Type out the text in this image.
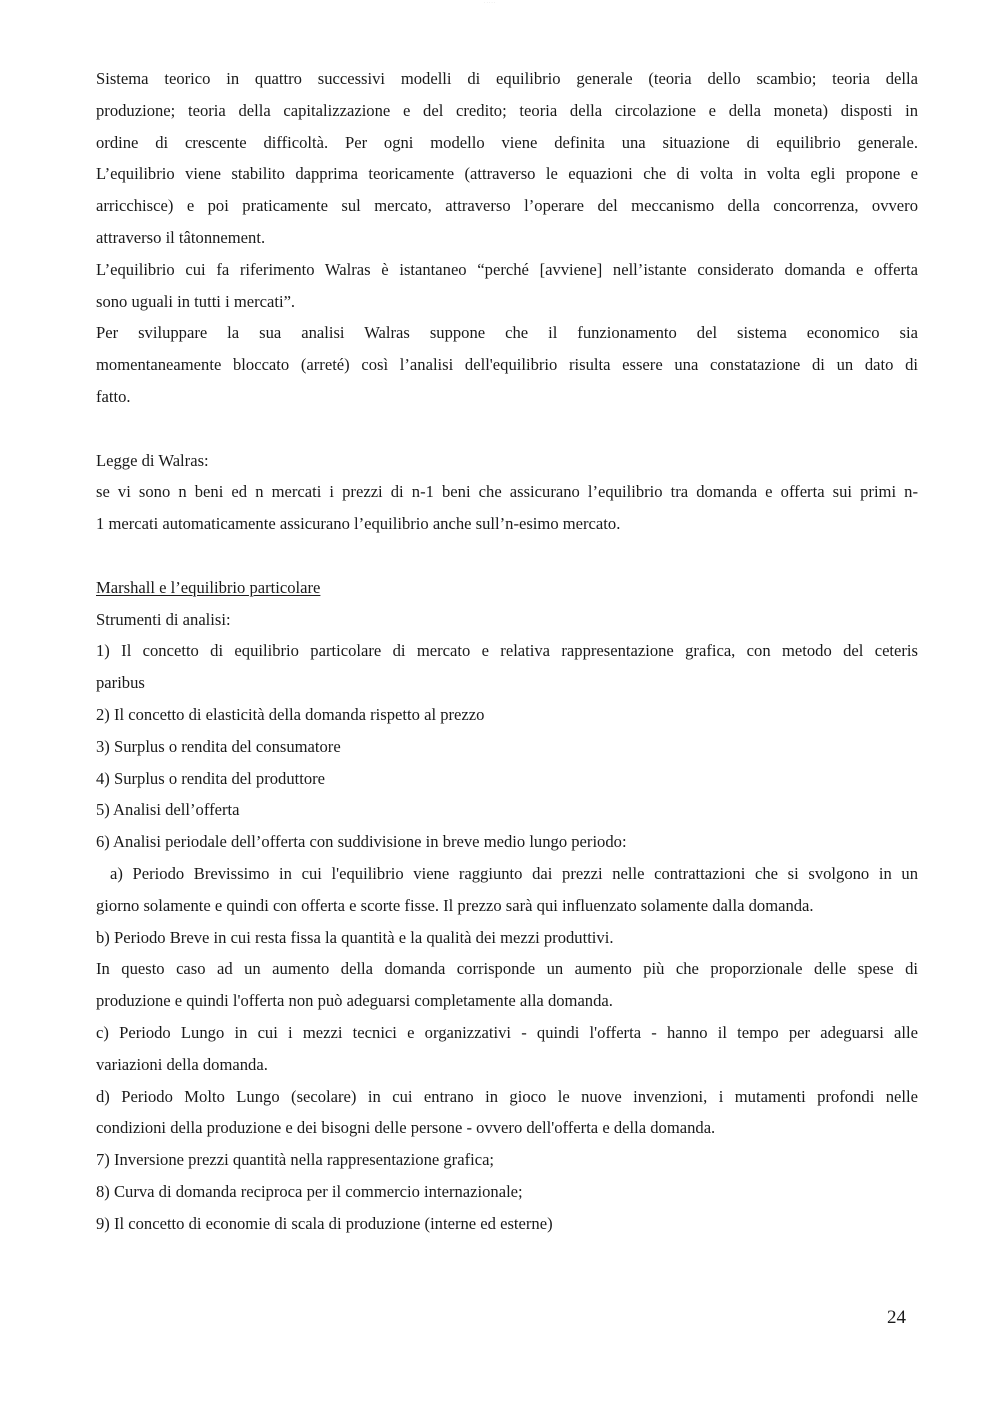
· · · · ·

Sistema teorico in quattro successivi modelli di equilibrio generale (teoria dello scambio; teoria della

produzione; teoria della capitalizzazione e del credito; teoria della circolazione e della moneta) disposti in

ordine di crescente difficoltà. Per ogni modello viene definita una situazione di equilibrio generale.

L’equilibrio viene stabilito dapprima teoricamente (attraverso le equazioni che di volta in volta egli propone e

arricchisce) e poi praticamente sul mercato, attraverso l’operare del meccanismo della concorrenza, ovvero

attraverso il tâtonnement.

L’equilibrio cui fa riferimento Walras è istantaneo “perché [avviene] nell’istante considerato domanda e offerta

sono uguali in tutti i mercati”.

Per sviluppare la sua analisi Walras suppone che il funzionamento del sistema economico sia

momentaneamente bloccato (arreté) così l’analisi dell'equilibrio risulta essere una constatazione di un dato di

fatto.

Legge di Walras:

se vi sono n beni ed n mercati i prezzi di n-1 beni che assicurano l’equilibrio tra domanda e offerta sui primi n-

1 mercati automaticamente assicurano l’equilibrio anche sull’n-esimo mercato.

Marshall e l’equilibrio particolare

Strumenti di analisi:

1) Il concetto di equilibrio particolare di mercato e relativa rappresentazione grafica, con metodo del ceteris

paribus

2) Il concetto di elasticità della domanda rispetto al prezzo

3) Surplus o rendita del consumatore

4) Surplus o rendita del produttore

5) Analisi dell’offerta

6) Analisi periodale dell’offerta con suddivisione in breve medio lungo periodo:

a) Periodo Brevissimo in cui l'equilibrio viene raggiunto dai prezzi nelle contrattazioni che si svolgono in un

giorno solamente e quindi con offerta e scorte fisse. Il prezzo sarà qui influenzato solamente dalla domanda.

b) Periodo Breve in cui resta fissa la quantità e la qualità dei mezzi produttivi.

In questo caso ad un aumento della domanda corrisponde un aumento più che proporzionale delle spese di

produzione e quindi l'offerta non può adeguarsi completamente alla domanda.

c) Periodo Lungo in cui i mezzi tecnici e organizzativi - quindi l'offerta - hanno il tempo per adeguarsi alle

variazioni della domanda.

d) Periodo Molto Lungo (secolare) in cui entrano in gioco le nuove invenzioni, i mutamenti profondi nelle

condizioni della produzione e dei bisogni delle persone - ovvero dell'offerta e della domanda.

7) Inversione prezzi quantità nella rappresentazione grafica;

8) Curva di domanda reciproca per il commercio internazionale;

9) Il concetto di economie di scala di produzione (interne ed esterne)

24
